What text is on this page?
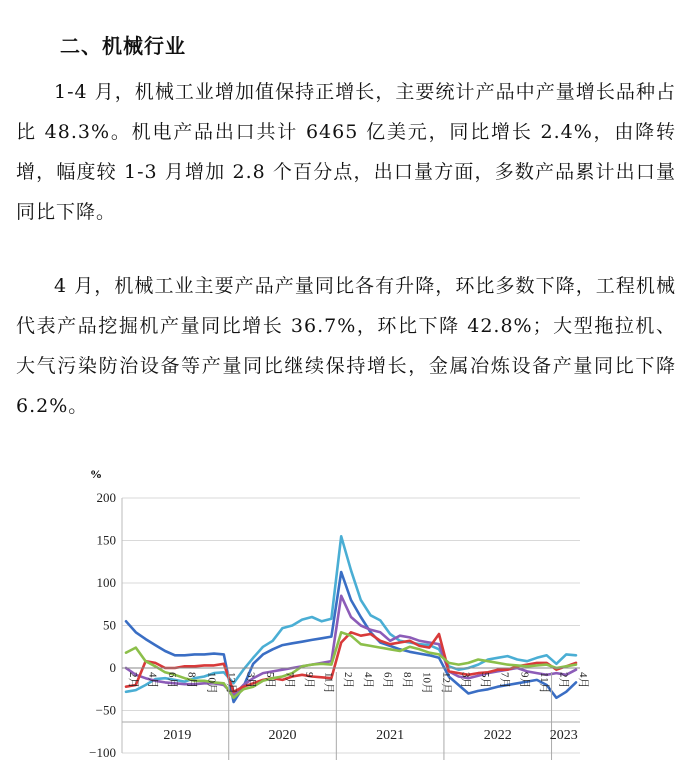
二、机械行业
1-4 月，机械工业增加值保持正增长，主要统计产品中产量增长品种占比 48.3%。机电产品出口共计 6465 亿美元，同比增长 2.4%，由降转增，幅度较 1-3 月增加 2.8 个百分点，出口量方面，多数产品累计出口量同比下降。
4 月，机械工业主要产品产量同比各有升降，环比多数下降，工程机械代表产品挖掘机产量同比增长 36.7%，环比下降 42.8%；大型拖拉机、大气污染防治设备等产量同比继续保持增长，金属冶炼设备产量同比下降 6.2%。
%
200
150
100
50
0
−50
−100
2月 4月 6月 8月 10月 12月 3月 5月 7月 9月 11月 2月 4月 6月 8月 10月 12月 3月 5月 7月 9月 11月 2月 4月
2019	2020	2021	2022	2023
